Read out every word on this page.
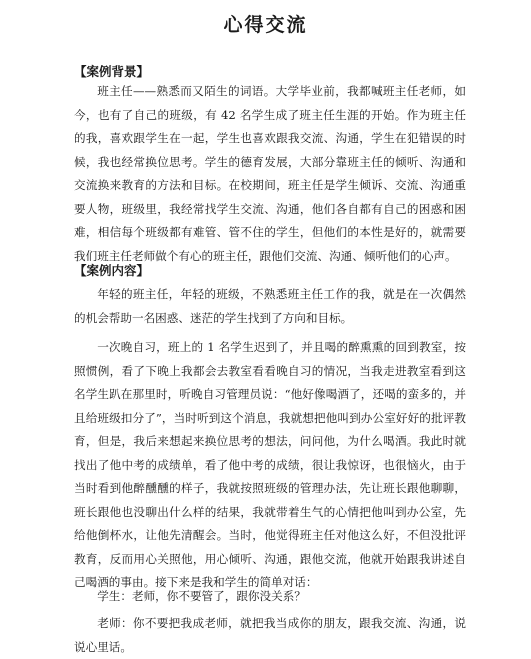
心得交流
【案例背景】

班主任——熟悉而又陌生的词语。大学毕业前，我都喊班主任老师，如今，也有了自己的班级，有 42 名学生成了班主任生涯的开始。作为班主任的我，喜欢跟学生在一起，学生也喜欢跟我交流、沟通，学生在犯错误的时候，我也经常换位思考。学生的德育发展，大部分靠班主任的倾听、沟通和交流换来教育的方法和目标。在校期间，班主任是学生倾诉、交流、沟通重要人物，班级里，我经常找学生交流、沟通，他们各自都有自己的困惑和困难，相信每个班级都有难管、管不住的学生，但他们的本性是好的，就需要我们班主任老师做个有心的班主任，跟他们交流、沟通、倾听他们的心声。

【案例内容】

年轻的班主任，年轻的班级，不熟悉班主任工作的我，就是在一次偶然的机会帮助一名困惑、迷茫的学生找到了方向和目标。

一次晚自习，班上的 1 名学生迟到了，并且喝的醉熏熏的回到教室，按照惯例，看了下晚上我都会去教室看看晚自习的情况，当我走进教室看到这名学生趴在那里时，听晚自习管理员说：“他好像喝酒了，还喝的蛮多的，并且给班级扣分了”，当时听到这个消息，我就想把他叫到办公室好好的批评教育，但是，我后来想起来换位思考的想法，问问他，为什么喝酒。我此时就找出了他中考的成绩单，看了他中考的成绩，很让我惊讶，也很恼火，由于当时看到他醉醺醺的样子，我就按照班级的管理办法，先让班长跟他聊聊，班长跟他也没聊出什么样的结果，我就带着生气的心情把他叫到办公室，先给他倒杯水，让他先清醒会。当时，他觉得班主任对他这么好，不但没批评教育，反而用心关照他，用心倾听、沟通，跟他交流，他就开始跟我讲述自己喝酒的事由。接下来是我和学生的简单对话：

学生：老师，你不要管了，跟你没关系？

老师：你不要把我成老师，就把我当成你的朋友，跟我交流、沟通，说说心里话。
